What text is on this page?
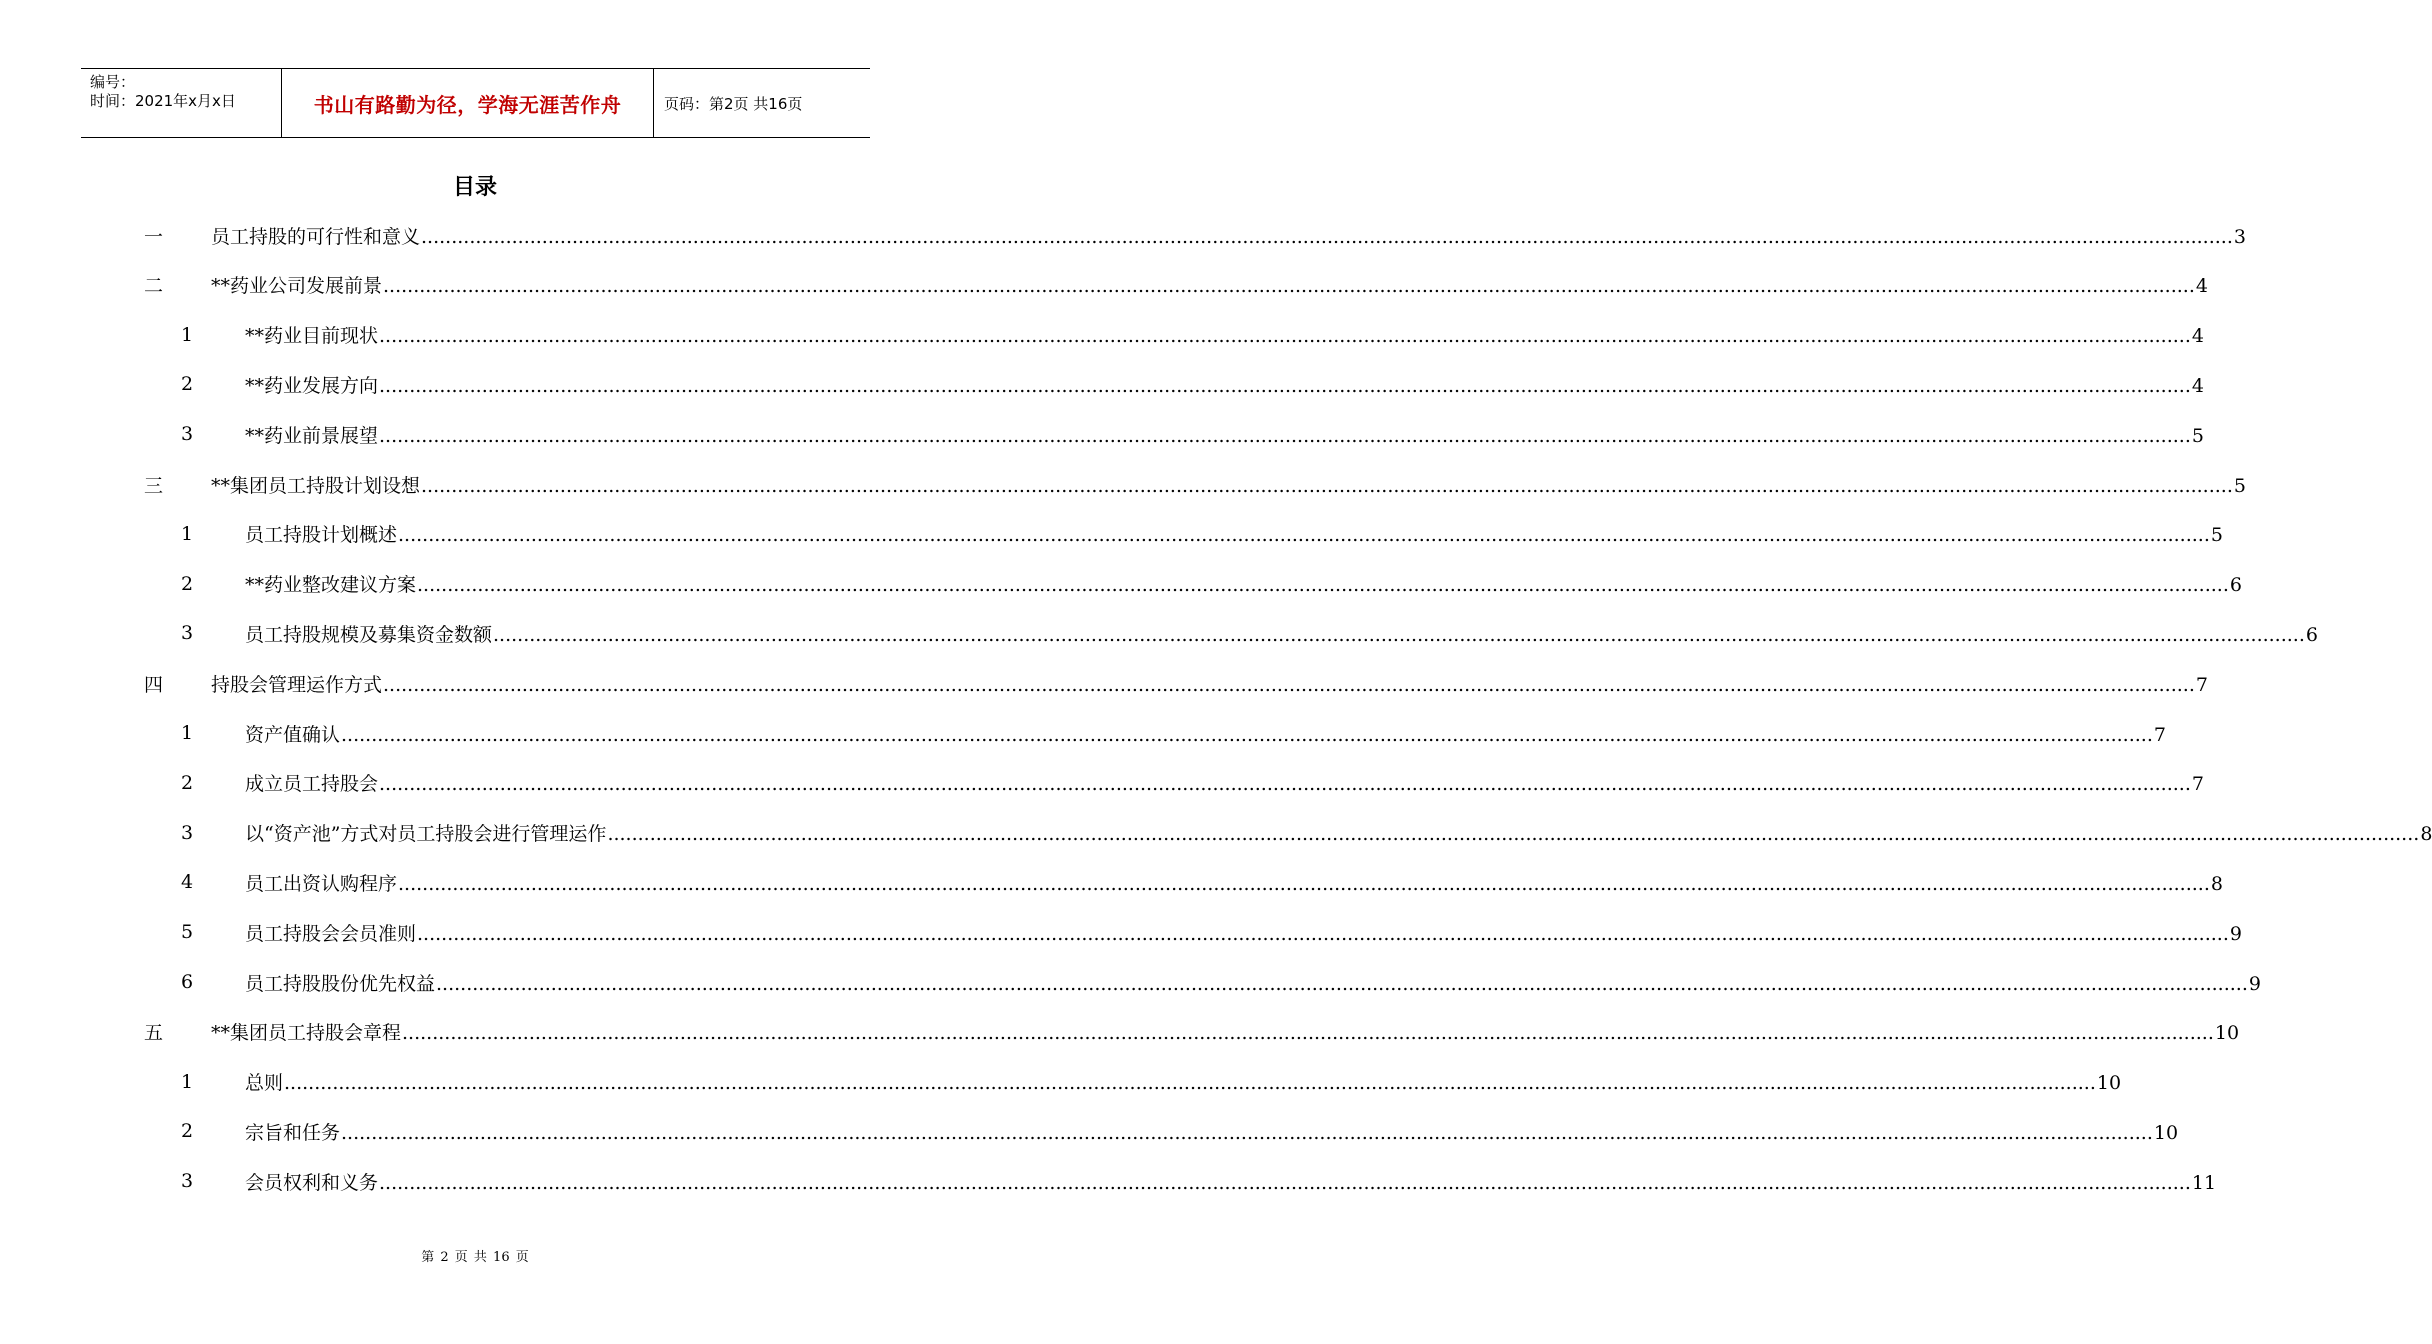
编号：
时间：2021年x月x日	书山有路勤为径，学海无涯苦作舟	页码：第2页 共16页
目录
一	员工持股的可行性和意义 ............................................................................................................................................................................................................................................................................................................ 3
二	**药业公司发展前景 ............................................................................................................................................................................................................................................................................................................ 4
1	**药业目前现状 ............................................................................................................................................................................................................................................................................................................ 4
2	**药业发展方向 ............................................................................................................................................................................................................................................................................................................ 4
3	**药业前景展望 ............................................................................................................................................................................................................................................................................................................ 5
三	**集团员工持股计划设想 ............................................................................................................................................................................................................................................................................................................ 5
1	员工持股计划概述 ............................................................................................................................................................................................................................................................................................................ 5
2	**药业整改建议方案 ............................................................................................................................................................................................................................................................................................................ 6
3	员工持股规模及募集资金数额 ............................................................................................................................................................................................................................................................................................................ 6
四	持股会管理运作方式 ............................................................................................................................................................................................................................................................................................................ 7
1	资产值确认 ............................................................................................................................................................................................................................................................................................................ 7
2	成立员工持股会 ............................................................................................................................................................................................................................................................................................................ 7
3	以“资产池”方式对员工持股会进行管理运作 ............................................................................................................................................................................................................................................................................................................ 8
4	员工出资认购程序 ............................................................................................................................................................................................................................................................................................................ 8
5	员工持股会会员准则 ............................................................................................................................................................................................................................................................................................................ 9
6	员工持股股份优先权益 ............................................................................................................................................................................................................................................................................................................ 9
五	**集团员工持股会章程 ............................................................................................................................................................................................................................................................................................................ 10
1	总则 ............................................................................................................................................................................................................................................................................................................ 10
2	宗旨和任务 ............................................................................................................................................................................................................................................................................................................ 10
3	会员权利和义务 ............................................................................................................................................................................................................................................................................................................ 11
第 2 页 共 16 页
